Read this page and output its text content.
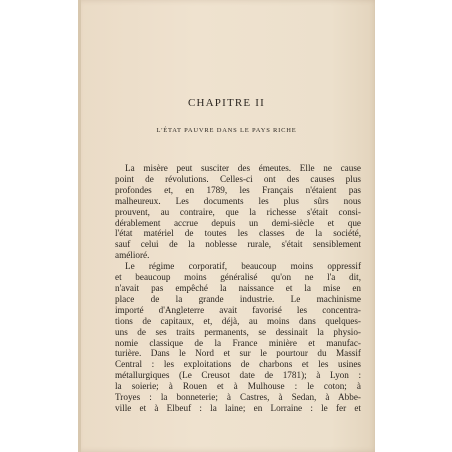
CHAPITRE II
L'ÉTAT PAUVRE DANS LE PAYS RICHE

La misère peut susciter des émeutes. Elle ne cause
point de révolutions. Celles-ci ont des causes plus
profondes et, en 1789, les Français n'étaient pas
malheureux. Les documents les plus sûrs nous
prouvent, au contraire, que la richesse s'était consi-
dérablement accrue depuis un demi-siècle et que
l'état matériel de toutes les classes de la société,
sauf celui de la noblesse rurale, s'était sensiblement
amélioré.

Le régime corporatif, beaucoup moins oppressif
et beaucoup moins généralisé qu'on ne l'a dit,
n'avait pas empêché la naissance et la mise en
place de la grande industrie. Le machinisme
importé d'Angleterre avait favorisé les concentra-
tions de capitaux, et, déjà, au moins dans quelques-
uns de ses traits permanents, se dessinait la physio-
nomie classique de la France minière et manufac-
turière. Dans le Nord et sur le pourtour du Massif
Central : les exploitations de charbons et les usines
métallurgiques (Le Creusot date de 1781); à Lyon :
la soierie; à Rouen et à Mulhouse : le coton; à
Troyes : la bonneterie; à Castres, à Sedan, à Abbe-
ville et à Elbeuf : la laine; en Lorraine : le fer et
